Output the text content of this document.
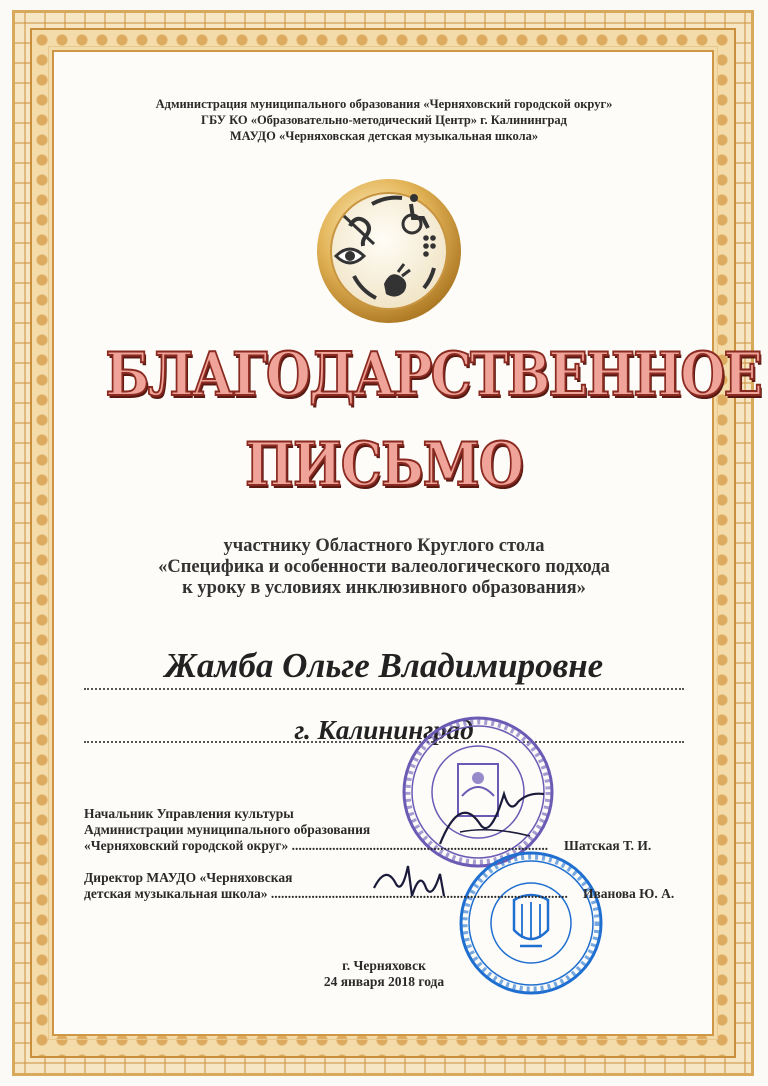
Администрация муниципального образования «Черняховский городской округ»
ГБУ КО «Образовательно-методический Центр» г. Калининград
МАУДО «Черняховская детская музыкальная школа»
БЛАГОДАРСТВЕННОЕ
ПИСЬМО
участнику Областного Круглого стола
«Специфика и особенности валеологического подхода
к уроку в условиях инклюзивного образования»
Жамба Ольге Владимировне
г. Калининград
Начальник Управления культуры
Администрации муниципального образования
«Черняховский городской округ» ............................................................................ Шатская Т. И.
Директор МАУДО «Черняховская
детская музыкальная школа» ........................................................................................ Иванова Ю. А.
г. Черняховск
24 января 2018 года
